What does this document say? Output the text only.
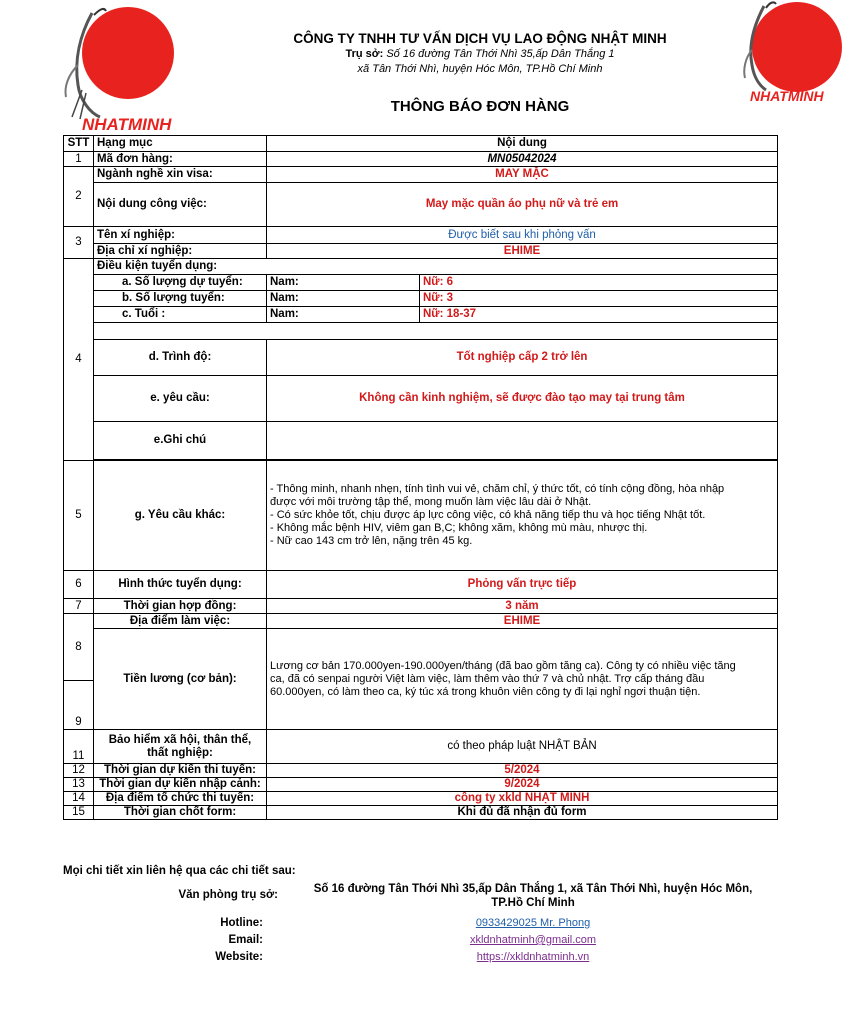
NHATMINH
NHATMINH
CÔNG TY TNHH TƯ VẤN DỊCH VỤ LAO ĐỘNG NHẬT MINH
Trụ sở: Số 16 đường Tân Thới Nhì 35,ấp Dân Thắng 1
xã Tân Thới Nhì, huyện Hóc Môn, TP.Hồ Chí Minh
THÔNG BÁO ĐƠN HÀNG
STT	Hạng mục	Nội dung	
1	Mã đơn hàng:	MN05042024	
2	Ngành nghề xin visa:	MAY MẶC	
	Nội dung công việc:	May mặc quần áo phụ nữ và trẻ em	
3	Tên xí nghiệp:	Được biết sau khi phỏng vấn	
	Địa chỉ xí nghiệp:	EHIME	
4	Điều kiện tuyển dụng:		
	a. Số lượng dự tuyển:	Nam:	Nữ: 6
	b. Số lượng tuyển:	Nam:	Nữ: 3
	c. Tuổi :	Nam:	Nữ: 18-37

	d. Trình độ:	Tốt nghiệp cấp 2 trở lên	
	e. yêu cầu:	Không cần kinh nghiệm, sẽ được đào tạo may tại trung tâm	
	e.Ghi chú		

5	g. Yêu cầu khác:	- Thông minh, nhanh nhẹn, tính tình vui vẻ, chăm chỉ, ý thức tốt, có tính cộng đồng, hòa nhập
được với môi trường tập thể, mong muốn làm việc lâu dài ở Nhật.
- Có sức khỏe tốt, chịu được áp lực công việc, có khả năng tiếp thu và học tiếng Nhật tốt.
- Không mắc bệnh HIV, viêm gan B,C; không xăm, không mù màu, nhược thị.
- Nữ cao 143 cm trở lên, nặng trên 45 kg.	

6	Hình thức tuyển dụng:	Phỏng vấn trực tiếp	
7	Thời gian hợp đồng:	3 năm	
8	Địa điểm làm việc:	EHIME	
	Tiền lương (cơ bản):	Lương cơ bản 170.000yen-190.000yen/tháng (đã bao gồm tăng ca). Công ty có nhiều việc tăng
ca, đã có senpai người Việt làm việc, làm thêm vào thứ 7 và chủ nhật. Trợ cấp tháng đầu
60.000yen, có làm theo ca, ký túc xá trong khuôn viên công ty đi lại nghỉ ngơi thuận tiện.	

9			
11	Bảo hiểm xã hội, thân thể,
thất nghiệp:	có theo pháp luật NHẬT BẢN	
12	Thời gian dự kiến thi tuyển:	5/2024	
13	Thời gian dự kiến nhập cảnh:	9/2024	
14	Địa điểm tổ chức thi tuyển:	công ty xkld NHẬT MINH	
15	Thời gian chốt form:	Khi đủ đã nhận đủ form	
Mọi chi tiết xin liên hệ qua các chi tiết sau:
Văn phòng trụ sở:	Số 16 đường Tân Thới Nhì 35,ấp Dân Thắng 1, xã Tân Thới Nhì, huyện Hóc Môn,
TP.Hồ Chí Minh
Hotline:	0933429025 Mr. Phong
Email:	xkldnhatminh@gmail.com
Website:	https://xkldnhatminh.vn
